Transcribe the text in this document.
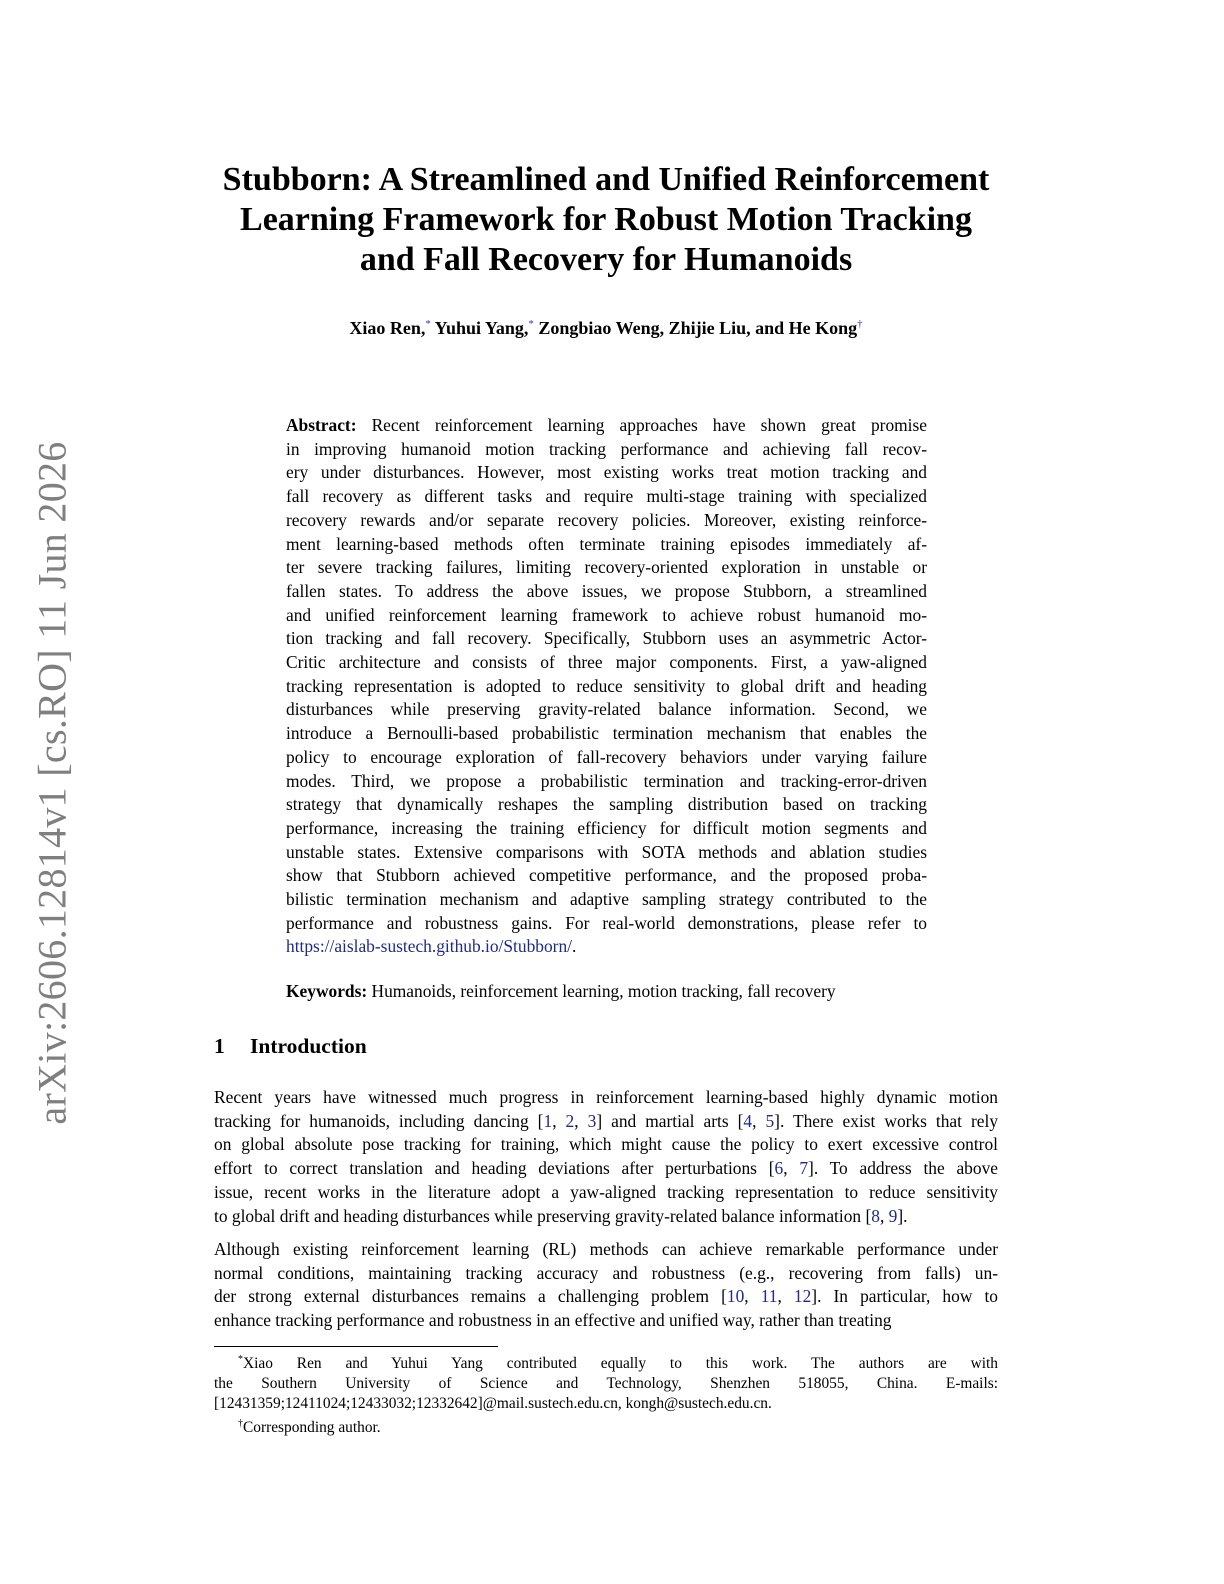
arXiv:2606.12814v1 [cs.RO] 11 Jun 2026
Stubborn: A Streamlined and Unified Reinforcement
Learning Framework for Robust Motion Tracking
and Fall Recovery for Humanoids
Xiao Ren,* Yuhui Yang,* Zongbiao Weng, Zhijie Liu, and He Kong†
Abstract: Recent reinforcement learning approaches have shown great promise
in improving humanoid motion tracking performance and achieving fall recov-
ery under disturbances. However, most existing works treat motion tracking and
fall recovery as different tasks and require multi-stage training with specialized
recovery rewards and/or separate recovery policies. Moreover, existing reinforce-
ment learning-based methods often terminate training episodes immediately af-
ter severe tracking failures, limiting recovery-oriented exploration in unstable or
fallen states. To address the above issues, we propose Stubborn, a streamlined
and unified reinforcement learning framework to achieve robust humanoid mo-
tion tracking and fall recovery. Specifically, Stubborn uses an asymmetric Actor-
Critic architecture and consists of three major components. First, a yaw-aligned
tracking representation is adopted to reduce sensitivity to global drift and heading
disturbances while preserving gravity-related balance information. Second, we
introduce a Bernoulli-based probabilistic termination mechanism that enables the
policy to encourage exploration of fall-recovery behaviors under varying failure
modes. Third, we propose a probabilistic termination and tracking-error-driven
strategy that dynamically reshapes the sampling distribution based on tracking
performance, increasing the training efficiency for difficult motion segments and
unstable states. Extensive comparisons with SOTA methods and ablation studies
show that Stubborn achieved competitive performance, and the proposed proba-
bilistic termination mechanism and adaptive sampling strategy contributed to the
performance and robustness gains. For real-world demonstrations, please refer to
https://aislab-sustech.github.io/Stubborn/.
Keywords: Humanoids, reinforcement learning, motion tracking, fall recovery
1 Introduction
Recent years have witnessed much progress in reinforcement learning-based highly dynamic motion
tracking for humanoids, including dancing [1, 2, 3] and martial arts [4, 5]. There exist works that rely
on global absolute pose tracking for training, which might cause the policy to exert excessive control
effort to correct translation and heading deviations after perturbations [6, 7]. To address the above
issue, recent works in the literature adopt a yaw-aligned tracking representation to reduce sensitivity
to global drift and heading disturbances while preserving gravity-related balance information [8, 9].
Although existing reinforcement learning (RL) methods can achieve remarkable performance under
normal conditions, maintaining tracking accuracy and robustness (e.g., recovering from falls) un-
der strong external disturbances remains a challenging problem [10, 11, 12]. In particular, how to
enhance tracking performance and robustness in an effective and unified way, rather than treating
*Xiao Ren and Yuhui Yang contributed equally to this work. The authors are with
the Southern University of Science and Technology, Shenzhen 518055, China. E-mails:
[12431359;12411024;12433032;12332642]@mail.sustech.edu.cn, kongh@sustech.edu.cn.
†Corresponding author.
